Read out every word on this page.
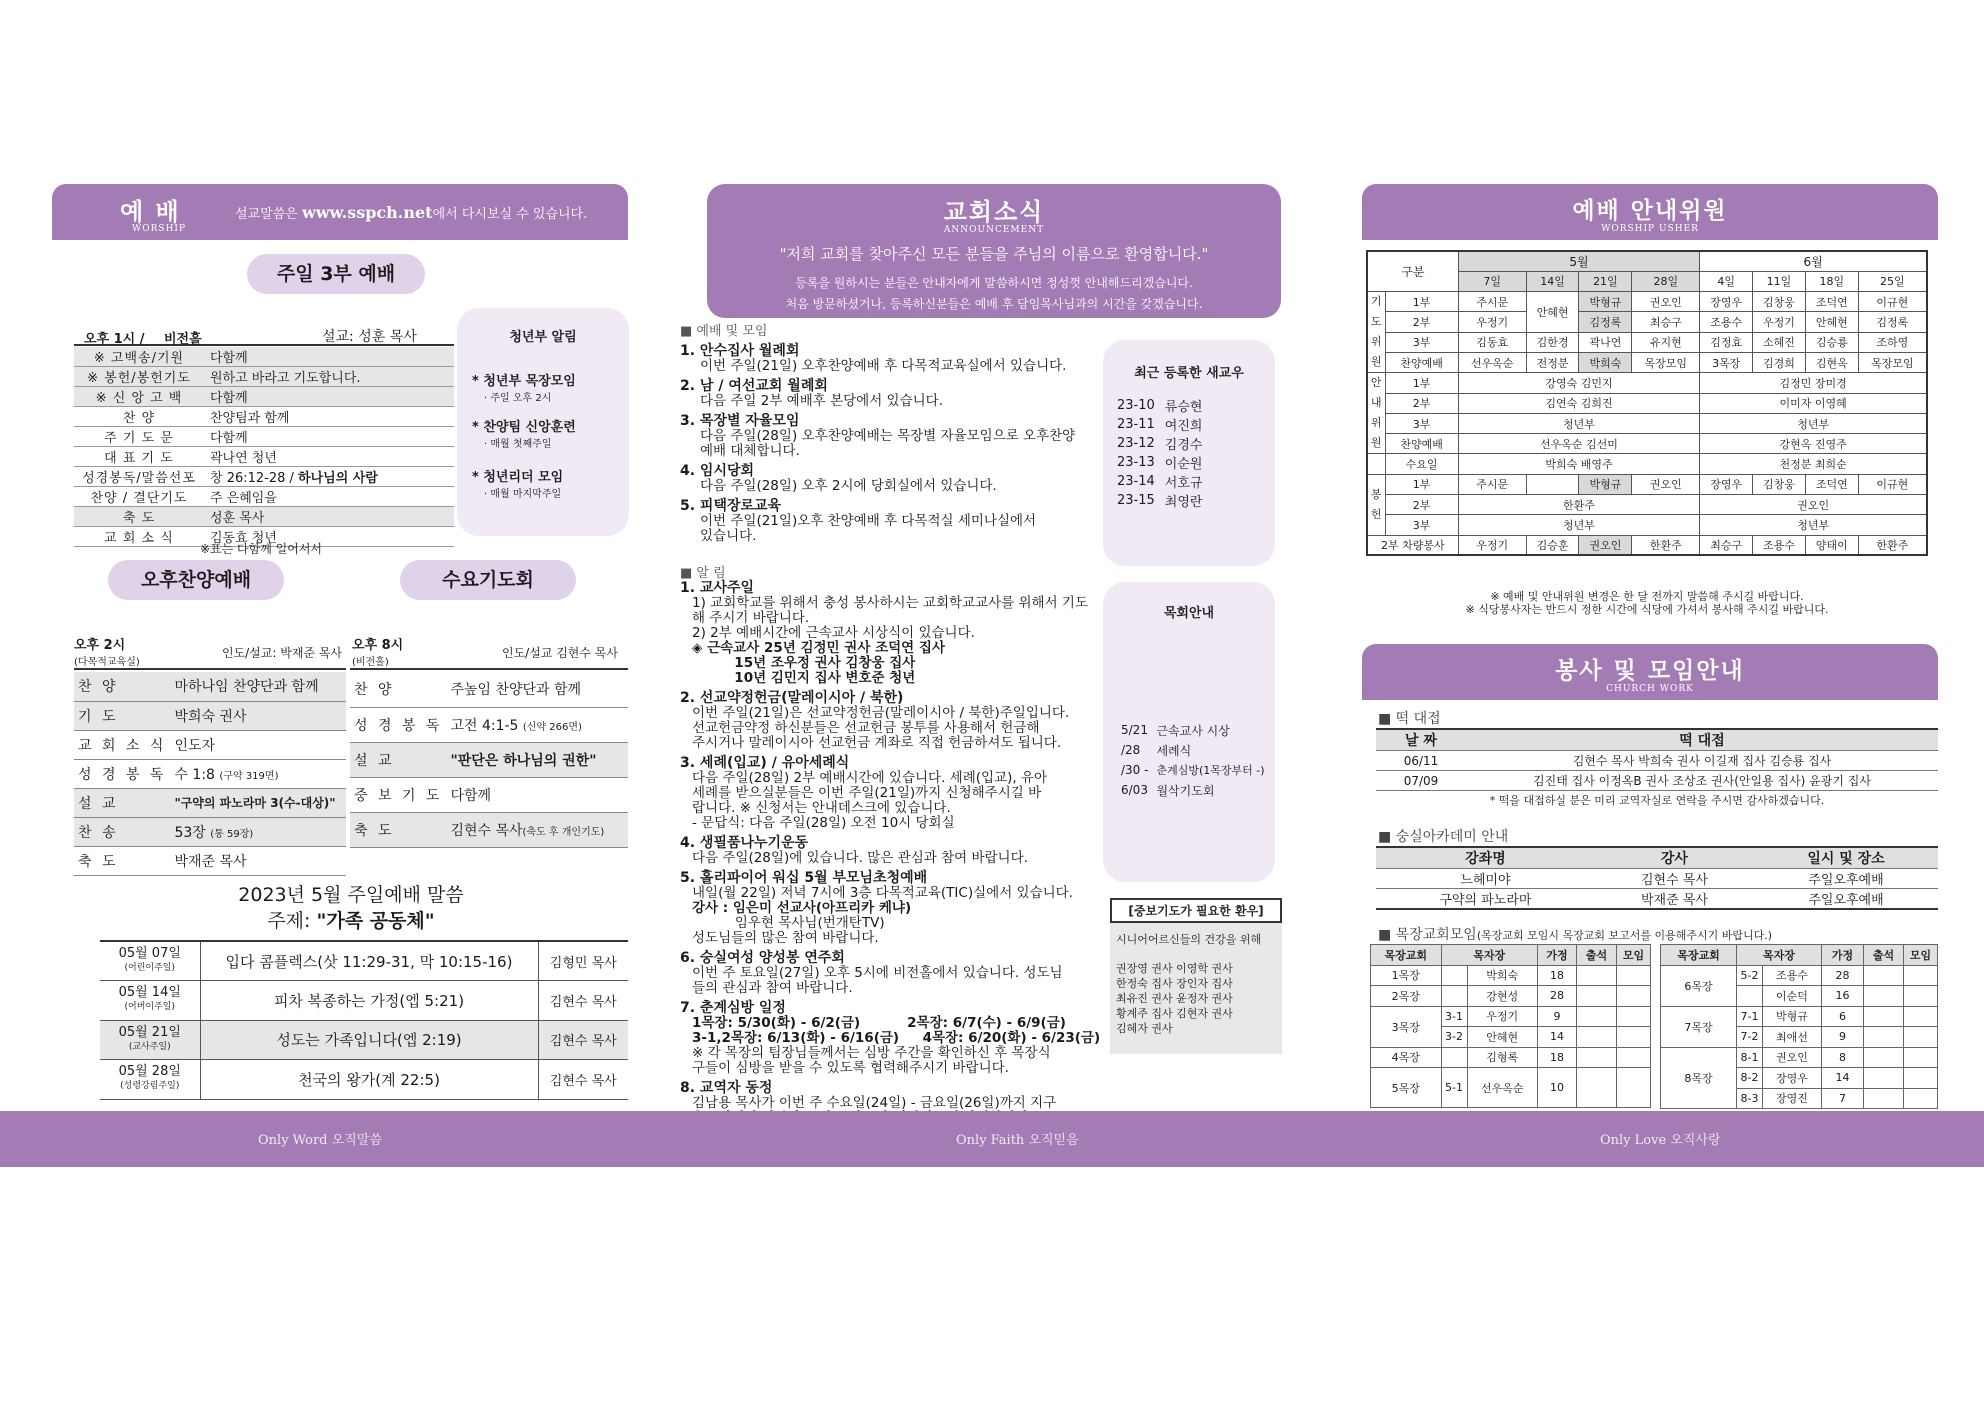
예 배
WORSHIP
설교말씀은 www.sspch.net에서 다시보실 수 있습니다.
주일 3부 예배
청년부 알림
* 청년부 목장모임
· 주일 오후 2시
* 찬양팀 신앙훈련
· 매월 첫째주일
* 청년리더 모임
· 매월 마지막주일
오후 1시 / 비전홀	설교: 성훈 목사
※ 고백송/기원	다함께
※ 봉헌/봉헌기도	원하고 바라고 기도합니다.
※ 신 앙 고 백	다함께
찬 양	찬양팀과 함께
주 기 도 문	다함께
대 표 기 도	곽나연 청년
성경봉독/말씀선포	창 26:12-28 / 하나님의 사람
찬양 / 결단기도	주 은혜임을
축 도	성훈 목사
교 회 소 식	김동효 청년
※표는 다함께 일어서서
오후찬양예배	수요기도회
오후 2시
(다목적교육실)
인도/설교: 박재준 목사
찬 양	마하나임 찬양단과 함께
기 도	박희숙 권사
교 회 소 식	인도자
성 경 봉 독	수 1:8 (구약 319면)
설 교	"구약의 파노라마 3(수-대상)"
찬 송	53장 (통 59장)
축 도	박재준 목사
오후 8시
(비전홀)
인도/설교 김현수 목사
찬 양	주높임 찬양단과 함께
성 경 봉 독	고전 4:1-5 (신약 266면)
설 교	"판단은 하나님의 권한"
중 보 기 도	다함께
축 도	김현수 목사(축도 후 개인기도)
2023년 5월 주일예배 말씀
주제: "가족 공동체"
05월 07일
(어린이주일)	입다 콤플렉스(삿 11:29-31, 막 10:15-16)	김형민 목사
05월 14일
(어버이주일)	피차 복종하는 가정(엡 5:21)	김현수 목사
05월 21일
(교사주일)	성도는 가족입니다(엡 2:19)	김현수 목사
05월 28일
(성령강림주일)	천국의 왕가(계 22:5)	김현수 목사
교회소식
ANNOUNCEMENT
"저희 교회를 찾아주신 모든 분들을 주님의 이름으로 환영합니다."
등록을 원하시는 분들은 안내자에게 말씀하시면 정성껏 안내해드리겠습니다.
처음 방문하셨거나, 등록하신분들은 예배 후 담임목사님과의 시간을 갖겠습니다.
■ 예배 및 모임

1. 안수집사 월례회

이번 주일(21일) 오후찬양예배 후 다목적교육실에서 있습니다.

2. 남 / 여선교회 월례회

다음 주일 2부 예배후 본당에서 있습니다.

3. 목장별 자율모임

다음 주일(28일) 오후찬양예배는 목장별 자율모임으로 오후찬양

예배 대체합니다.

4. 임시당회

다음 주일(28일) 오후 2시에 당회실에서 있습니다.

5. 피택장로교육

이번 주일(21일)오후 찬양예배 후 다목적실 세미나실에서

있습니다.

■ 알 림

1. 교사주일

1) 교회학교를 위해서 충성 봉사하시는 교회학교교사를 위해서 기도해 주시기 바랍니다.

2) 2부 예배시간에 근속교사 시상식이 있습니다.

◈ 근속교사 25년 김정민 권사 조덕연 집사

15년 조우정 권사 김창웅 집사

10년 김민지 집사 변호준 청년

2. 선교약정헌금(말레이시아 / 북한)

이번 주일(21일)은 선교약정헌금(말레이시아 / 북한)주일입니다.

선교헌금약정 하신분들은 선교헌금 봉투를 사용해서 헌금해

주시거나 말레이시아 선교헌금 계좌로 직접 헌금하셔도 됩니다.

3. 세례(입교) / 유아세례식

다음 주일(28일) 2부 예배시간에 있습니다. 세례(입교), 유아

세례를 받으실분들은 이번 주일(21일)까지 신청해주시길 바

랍니다. ※ 신청서는 안내데스크에 있습니다.

- 문답식: 다음 주일(28일) 오전 10시 당회실

4. 생필품나누기운동

다음 주일(28일)에 있습니다. 많은 관심과 참여 바랍니다.

5. 홀리파이어 워십 5월 부모님초청예배

내일(월 22일) 저녁 7시에 3층 다목적교육(TIC)실에서 있습니다.

강사 : 임은미 선교사(아프리카 케냐)

임우현 목사님(번개탄TV)

성도님들의 많은 참여 바랍니다.

6. 숭실여성 양성봉 연주회

이번 주 토요일(27일) 오후 5시에 비전홀에서 있습니다. 성도님

들의 관심과 참여 바랍니다.

7. 춘계심방 일정

1목장: 5/30(화) - 6/2(금)          2목장: 6/7(수) - 6/9(금)

3-1,2목장: 6/13(화) - 6/16(금)     4목장: 6/20(화) - 6/23(금)

※ 각 목장의 팀장님들께서는 심방 주간을 확인하신 후 목장식

구들이 심방을 받을 수 있도록 협력해주시기 바랍니다.

8. 교역자 동정

김남용 목사가 이번 주 수요일(24일) - 금요일(26일)까지 지구

최근 등록한 새교우
23-10	류승현
23-11	여진희
23-12	김경수
23-13	이순원
23-14	서호규
23-15	최영란
목회안내
5/21	근속교사 시상
/28	세례식
/30 -	춘계심방(1목장부터 -)
6/03	월삭기도회
[중보기도가 필요한 환우]
시니어어르신들의 건강을 위해
권장영 권사 이영학 권사
한정숙 집사 장인자 집사
최유진 권사 윤정자 권사
황계주 집사 김현자 권사
김혜자 권사
예배 안내위원
WORSHIP USHER
구분		5월				6월			
		7일	14일	21일	28일	4일	11일	18일	25일
기
도
위
원	1부	주시문	안혜현	박형규	권오인	장영우	김창웅	조덕연	이규현
	2부	우정기		김정록	최승구	조용수	우정기	안혜현	김정록
	3부	김동효	김한경	곽나연	유지현	김정효	소혜진	김승룡	조하영
	찬양예배	선우옥순	전정분	박희숙	목장모임	3목장	김경희	김현옥	목장모임
안
내
위
원	1부	강영숙 김민지				김정민 장미경			
	2부	김연숙 김희진				이미자 이영혜			
	3부	청년부				청년부			
	찬양예배	선우옥순 김선미				강현옥 진영주			
	수요일	박희숙 배영주				천정분 최희순			
봉
헌	1부	주시문		박형규	권오인	장영우	김창웅	조덕연	이규현
	2부	한환주				권오인			
	3부	청년부				청년부			
2부 차량봉사		우정기	김승훈	권오인	한환주	최승구	조용수	양태이	한환주
※ 예배 및 안내위원 변경은 한 달 전까지 말씀해 주시길 바랍니다.
※ 식당봉사자는 반드시 정한 시간에 식당에 가셔서 봉사해 주시길 바랍니다.
봉사 및 모임안내
CHURCH WORK
■ 떡 대접
날 짜	떡 대접
06/11	김현수 목사 박희숙 권사 이길재 집사 김승룡 집사
07/09	김진태 집사 이정옥B 권사 조상조 권사(안일용 집사) 윤광기 집사
* 떡을 대접하실 분은 미리 교역자실로 연락을 주시면 감사하겠습니다.
■ 숭실아카데미 안내
강좌명	강사	일시 및 장소
느헤미야	김현수 목사	주일오후예배
구약의 파노라마	박재준 목사	주일오후예배
■ 목장교회모임(목장교회 모임시 목장교회 보고서를 이용해주시기 바랍니다.)
목장교회	목자장		가정	출석	모임
1목장		박희숙	18		
2목장		강현성	28		
3목장	3-1	우정기	9		
	3-2	안혜현	14		
4목장		김형록	18		
5목장	5-1	선우옥순	10		
목장교회	목자장		가정	출석	모임
6목장	5-2	조용수	28		
		이순덕	16		
7목장	7-1	박형규	6		
	7-2	최애선	9		
8목장	8-1	권오인	8		
	8-2	장영우	14		
	8-3	장영진	7		
Only Word 오직말씀	Only Faith 오직믿음	Only Love 오직사랑
